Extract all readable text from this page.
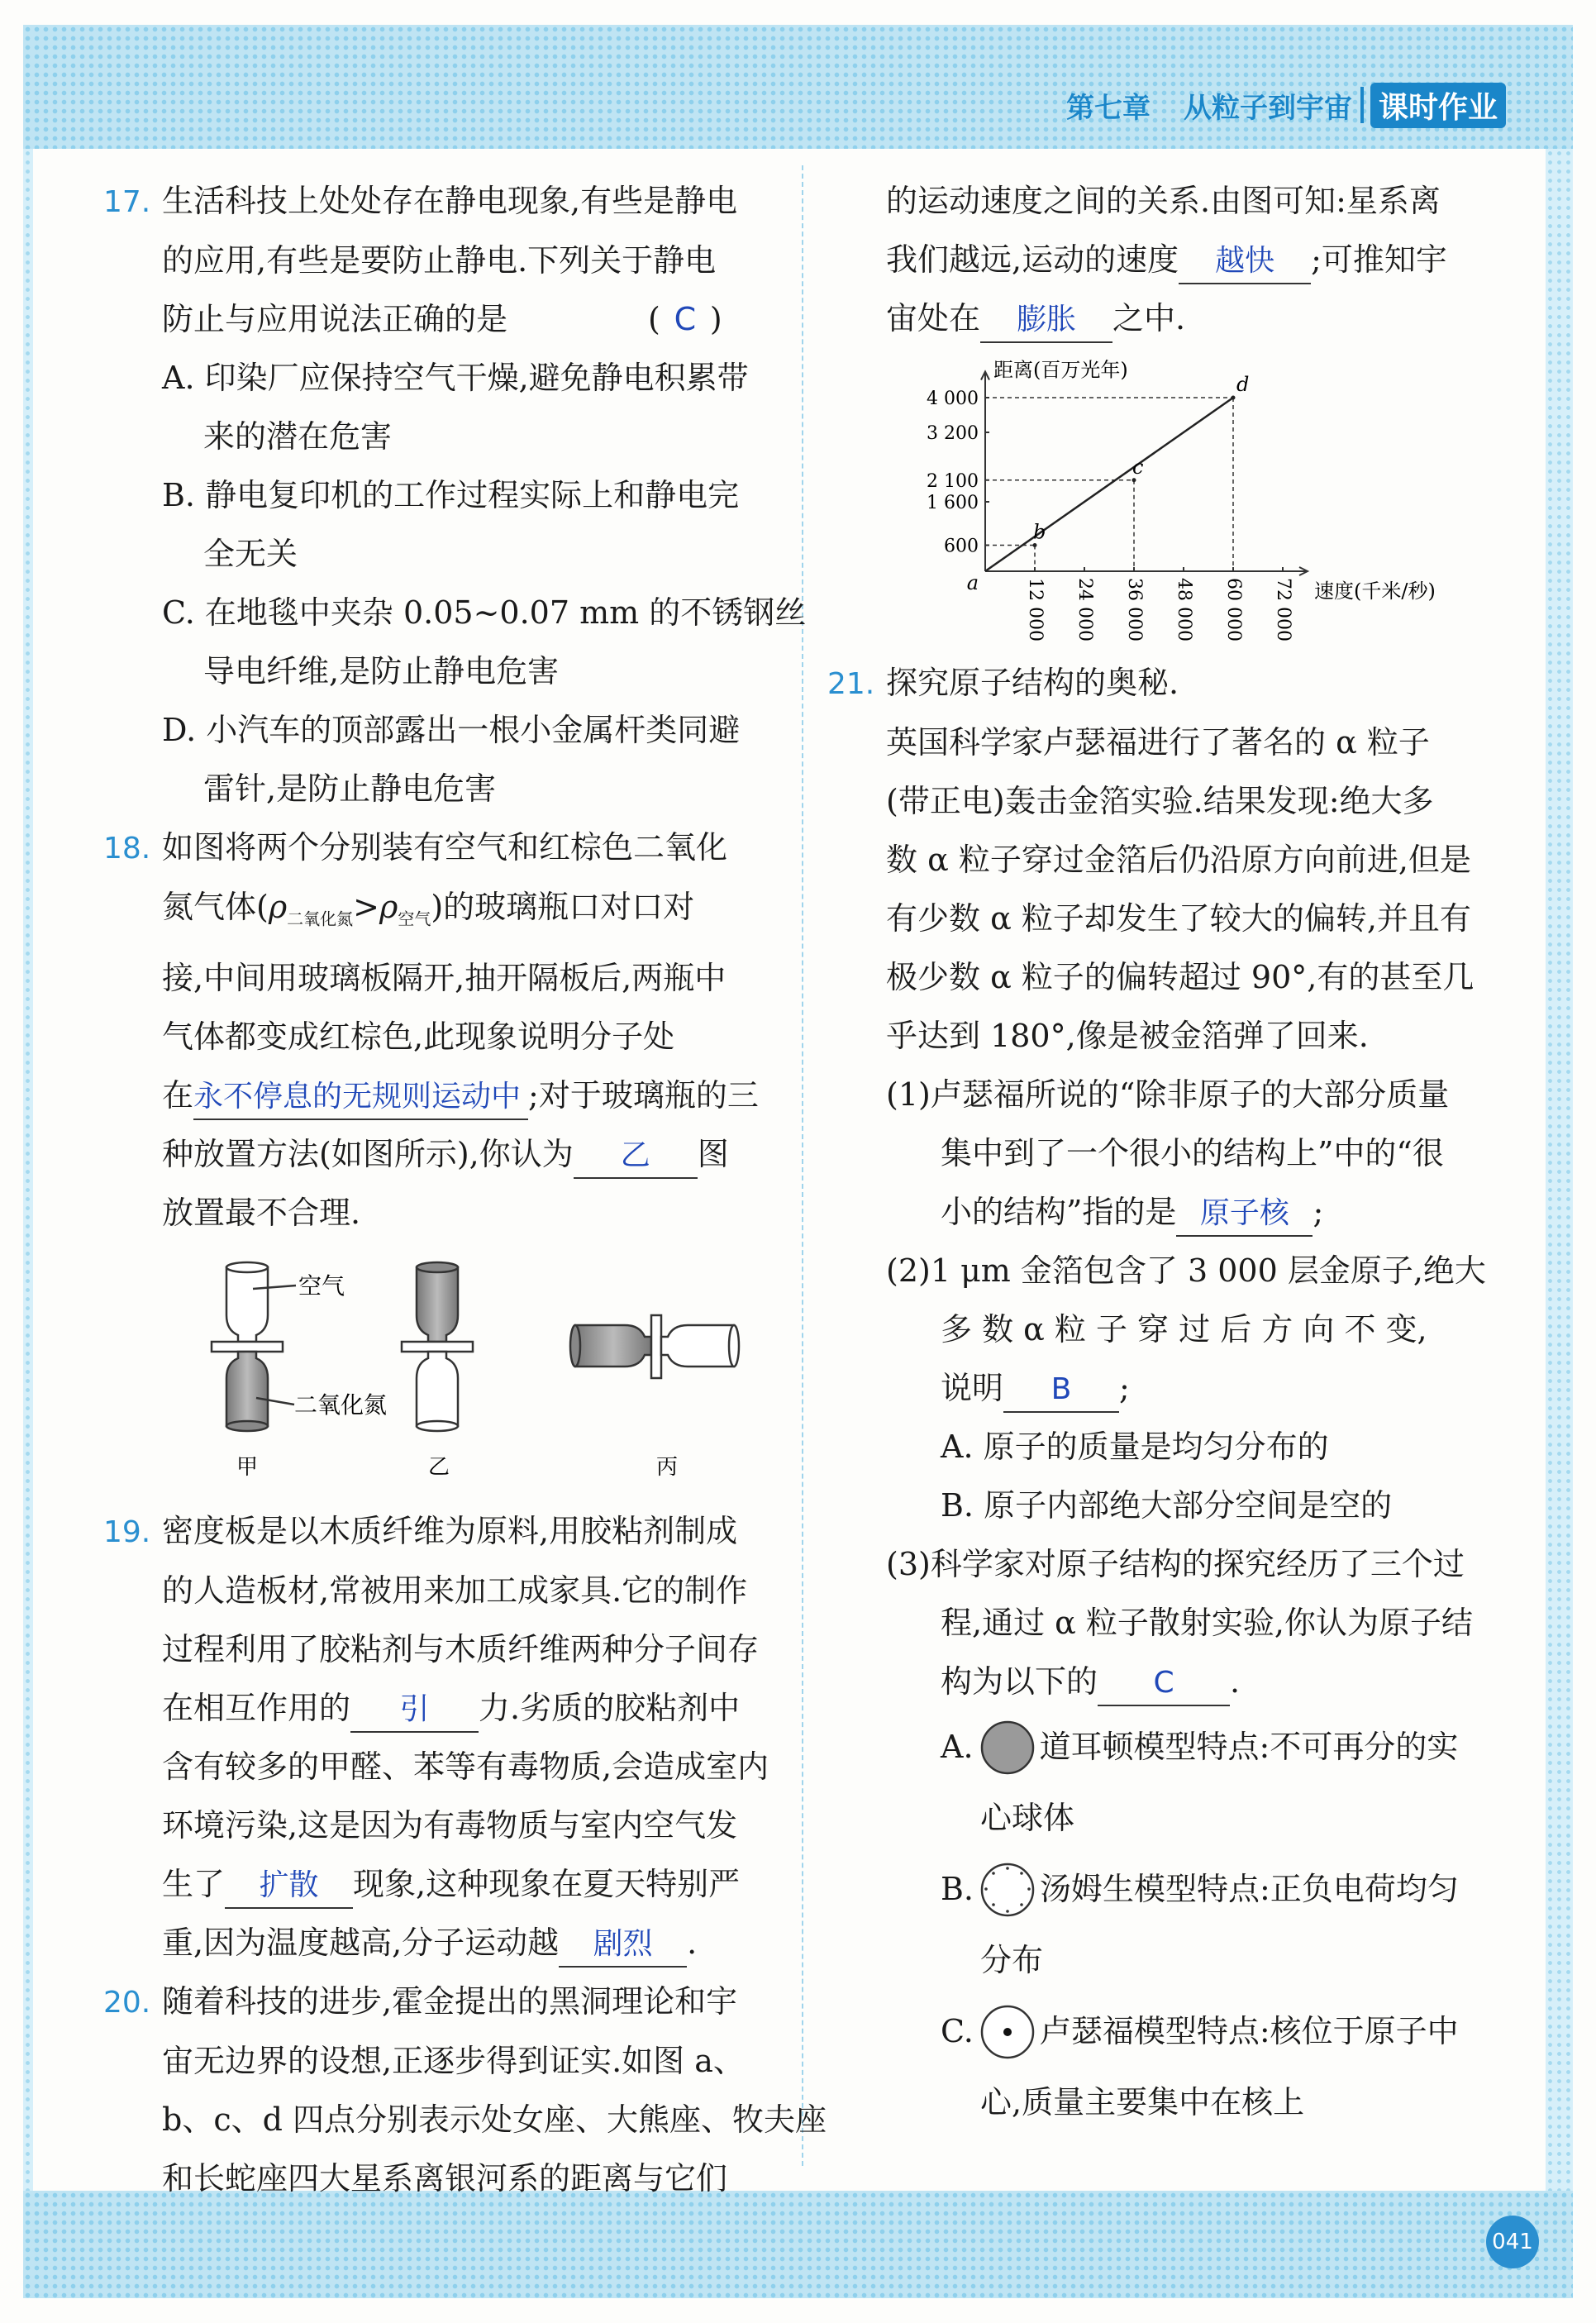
第七章 从粒子到宇宙 课时作业

17. 生活科技上处处存在静电现象,有些是静电

的应用,有些是要防止静电.下列关于静电

防止与应用说法正确的是	( C )

A. 印染厂应保持空气干燥,避免静电积累带

来的潜在危害

B. 静电复印机的工作过程实际上和静电完

全无关

C. 在地毯中夹杂 0.05~0.07 mm 的不锈钢丝

导电纤维,是防止静电危害

D. 小汽车的顶部露出一根小金属杆类同避

雷针,是防止静电危害

18. 如图将两个分别装有空气和红棕色二氧化

氮气体$(\rho_{二氧化氮}>\rho_{空气})$的玻璃瓶口对口对

接,中间用玻璃板隔开,抽开隔板后,两瓶中

气体都变成红棕色,此现象说明分子处

在永不停息的无规则运动中 ;对于玻璃瓶的三

种放置方法(如图所示),你认为 乙 图

放置最不合理.

空气
二氧化氮
甲	乙	丙

19. 密度板是以木质纤维为原料,用胶粘剂制成

的人造板材,常被用来加工成家具.它的制作

过程利用了胶粘剂与木质纤维两种分子间存

在相互作用的 引 力.劣质的胶粘剂中

含有较多的甲醛、苯等有毒物质,会造成室内

环境污染,这是因为有毒物质与室内空气发

生了 扩散 现象,这种现象在夏天特别严

重,因为温度越高,分子运动越 剧烈 .

20. 随着科技的进步,霍金提出的黑洞理论和宇

宙无边界的设想,正逐步得到证实.如图 a、

b、c、d 四点分别表示处女座、大熊座、牧夫座

和长蛇座四大星系离银河系的距离与它们

的运动速度之间的关系.由图可知:星系离

我们越远,运动的速度 越快 ;可推知宇

宙处在 膨胀 之中.

距离(百万光年)
速度(千米/秒)
12 000 24 000 36 000 48 000 60 000 72 000
600
1 600
2 100
3 200
4 000
a
b
c
d

21. 探究原子结构的奥秘.

英国科学家卢瑟福进行了著名的 α 粒子

(带正电)轰击金箔实验.结果发现:绝大多

数 α 粒子穿过金箔后仍沿原方向前进,但是

有少数 α 粒子却发生了较大的偏转,并且有

极少数 α 粒子的偏转超过 90°,有的甚至几

乎达到 180°,像是被金箔弹了回来.

(1)卢瑟福所说的“除非原子的大部分质量

集中到了一个很小的结构上”中的“很

小的结构”指的是 原子核 ;

(2)1 μm 金箔包含了 3 000 层金原子,绝大

多 数 α 粒 子 穿 过 后 方 向 不 变,

说明 B ;

A. 原子的质量是均匀分布的

B. 原子内部绝大部分空间是空的

(3)科学家对原子结构的探究经历了三个过

程,通过 α 粒子散射实验,你认为原子结

构为以下的 C .

A. 道耳顿模型特点:不可再分的实

心球体

B. 汤姆生模型特点:正负电荷均匀

分布

C. 卢瑟福模型特点:核位于原子中

心,质量主要集中在核上

041
